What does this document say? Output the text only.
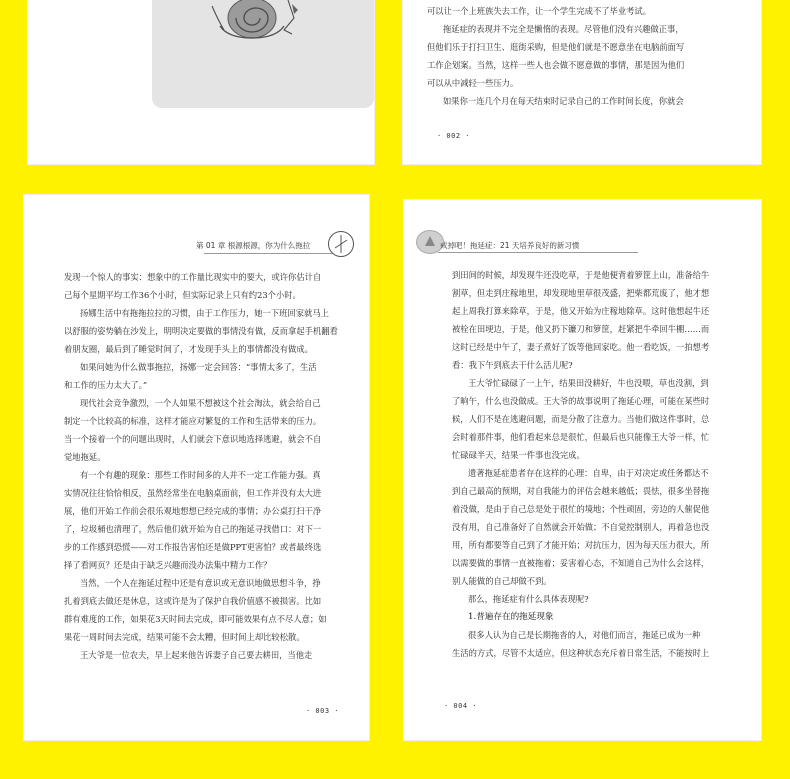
可以让一个上班族失去工作，让一个学生完成不了毕业考试。
拖延症的表现并不完全是懒惰的表现。尽管他们没有兴趣做正事，
但他们乐于打扫卫生、逛街采购，但是他们就是不愿意坐在电脑前面写
工作企划案。当然，这样一些人也会做不愿意做的事情，那是因为他们
可以从中减轻一些压力。
如果你一连几个月在每天结束时记录自己的工作时间长度，你就会
· 002 ·
第 01 章 根源根源，你为什么拖拉
发现一个惊人的事实：想象中的工作量比现实中的要大，或许你估计自
己每个星期平均工作36个小时，但实际记录上只有约23个小时。
扬娜生活中有拖拖拉拉的习惯，由于工作压力，她一下班回家就马上
以舒服的姿势躺在沙发上，明明决定要做的事情没有做，反而拿起手机翻看
着朋友圈，最后到了睡觉时间了，才发现手头上的事情都没有做成。
如果问她为什么做事拖拉，扬娜一定会回答：“事情太多了，生活
和工作的压力太大了。”
现代社会竞争激烈，一个人如果不想被这个社会淘汰，就会给自己
制定一个比较高的标准，这样才能应对繁复的工作和生活带来的压力。
当一个接着一个的问题出现时，人们就会下意识地选择逃避，就会不自
觉地拖延。
有一个有趣的现象：那些工作时间多的人并不一定工作能力强。真
实情况往往恰恰相反，虽然经常坐在电脑桌面前，但工作并没有太大进
展，他们开始工作前会很乐观地想想已经完成的事情；办公桌打扫干净
了，垃圾桶也清理了，然后他们就开始为自己的拖延寻找借口：对下一
步的工作感到恐慌——对工作报告害怕还是做PPT更害怕？或者最终选
择了看网页？还是由于缺乏兴趣而没办法集中精力工作？
当然，一个人在拖延过程中还是有意识或无意识地做思想斗争，挣
扎着到底去做还是休息，这或许是为了保护自我价值感不被损害。比如
群有难度的工作，如果花3天时间去完成，即可能效果有点不尽人意；如
果花一周时间去完成，结果可能不会太糟，但时间上却比较松散。
王大爷是一位农夫，早上起来他告诉妻子自己要去耕田，当他走
· 003 ·
戒掉吧！拖延症：21 天培养良好的新习惯
到田间的时候，却发现牛还没吃草，于是他便背着箩筐上山，准备给牛
割草，但走到庄稼地里，却发现地里草很茂盛，把柴都荒废了，他才想
起上周我打算来除草，于是，他又开始为庄稼地除草。这时他想起牛还
被栓在田埂边，于是，他又扔下镰刀和箩筐，赶紧把牛牵回牛棚……而
这时已经是中午了，妻子煮好了饭等他回家吃。他一看吃饭，一拍想考
看：我下午到底去干什么活儿呢?
王大爷忙碌碌了一上午，结果田没耕好，牛也没喂，草也没割，到
了晌午，什么也没做成。王大爷的故事说明了拖延心理，可能在某些时
候，人们不是在逃避问题，而是分散了注意力。当他们做这件事时，总
会时着那件事，他们看起来总是很忙，但最后也只能像王大爷一样，忙
忙碌碌半天，结果一件事也没完成。
遗著拖延症患者存在这样的心理：自卑，由于对决定或任务都达不
到自己最高的预期，对自我能力的评估会越来越低；畏怯，很多坐替拖
着没做，是由于自己总是处于很忙的境地；个性顽固，旁边的人催促他
没有用，自己准备好了自然就会开始做；不自觉控制别人，再着急也没
用，所有都要等自己到了才能开始；对抗压力，因为每天压力很大，所
以需要做的事情一直被拖着；妥害着心态，不知道自己为什么会这样，
别人能做的自己却做不到。
那么，拖延症有什么具体表现呢?
1.普遍存在的拖延现象
很多人认为自己是长期拖沓的人，对他们而言，拖延已成为一种
生活的方式，尽管不太适应，但这种状态充斥着日常生活，不能按时上
· 004 ·
